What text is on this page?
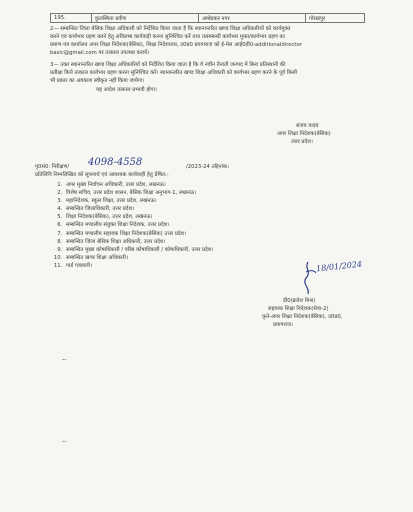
195.	कुलस्मिता प्रवीण	अम्बेडकर नगर	गोरखपुर
2— सम्बन्धित जिला बेसिक शिक्षा अधिकारी को निर्देशित किया जाता है कि स्थानान्तरित खण्ड शिक्षा अधिकारियों को कार्यमुक्त
करने एवं कार्यभार ग्रहण करने हेतु अविलम्ब कार्यवाही करना सुनिश्चित करें तथा तत्सम्बन्धी कार्यभार मुक्त/कार्यभार ग्रहण का
प्रमाण-पत्र कार्यालय अपर शिक्षा निदेशक(बेसिक), शिक्षा निदेशालय, उ0प्र0 प्रयागराज को ई-मेल आई0डी0-additionaldirector
basic@gmail.com पर तत्काल उपलब्ध करायें।
3— उक्त स्थानान्तरित खण्ड शिक्षा अधिकारियों को निर्देशित किया जाता है कि वे नवीन तैनाती जनपद में बिना प्रतिस्थानी की
प्रतीक्षा किये तत्काल कार्यभार ग्रहण करना सुनिश्चित करें। स्थानान्तरित खण्ड शिक्षा अधिकारी को कार्यभार ग्रहण करने के पूर्व किसी
भी प्रकार का अवकाश स्वीकृत नहीं किया जायेगा।
यह आदेश तत्काल प्रभावी होगा।
संजय यादव
अपर शिक्षा निदेशक(बेसिक)
उत्तर प्रदेश।
पृ0सं0: निरीक्षण/ 4098-4558	/2023-24 तद्दिनांक।
प्रतिलिपि निम्नलिखित को सूचनार्थ एवं आवश्यक कार्यवाही हेतु प्रेषित:-
1. अपर मुख्य निर्वाचन अधिकारी, उत्तर प्रदेश, लखनऊ।
2. विशेष सचिव, उत्तर प्रदेश शासन, बेसिक शिक्षा अनुभाग-1, लखनऊ।
3. महानिदेशक, स्कूल शिक्षा, उत्तर प्रदेश, लखनऊ।
4. सम्बन्धित जिलाधिकारी, उत्तर प्रदेश।
5. शिक्षा निदेशक(बेसिक), उत्तर प्रदेश, लखनऊ।
6. सम्बन्धित मण्डलीय संयुक्त शिक्षा निदेशक, उत्तर प्रदेश।
7. सम्बन्धित मण्डलीय सहायक शिक्षा निदेशक(बेसिक) उत्तर प्रदेश।
8. सम्बन्धित जिला बेसिक शिक्षा अधिकारी, उत्तर प्रदेश।
9. सम्बन्धित मुख्य कोषाधिकारी / वरिष्ठ कोषाधिकारी / कोषाधिकारी, उत्तर प्रदेश।
10. सम्बन्धित खण्ड शिक्षा अधिकारी।
11. गार्ड पत्रावली।	18/01/2024
डी0(ब्रजेश मिश्र)
सहायक शिक्षा निदेशक(सेवा-2)
कृते-अपर शिक्षा निदेशक(बेसिक), उ0प्र0,
प्रयागराज।
--
--
